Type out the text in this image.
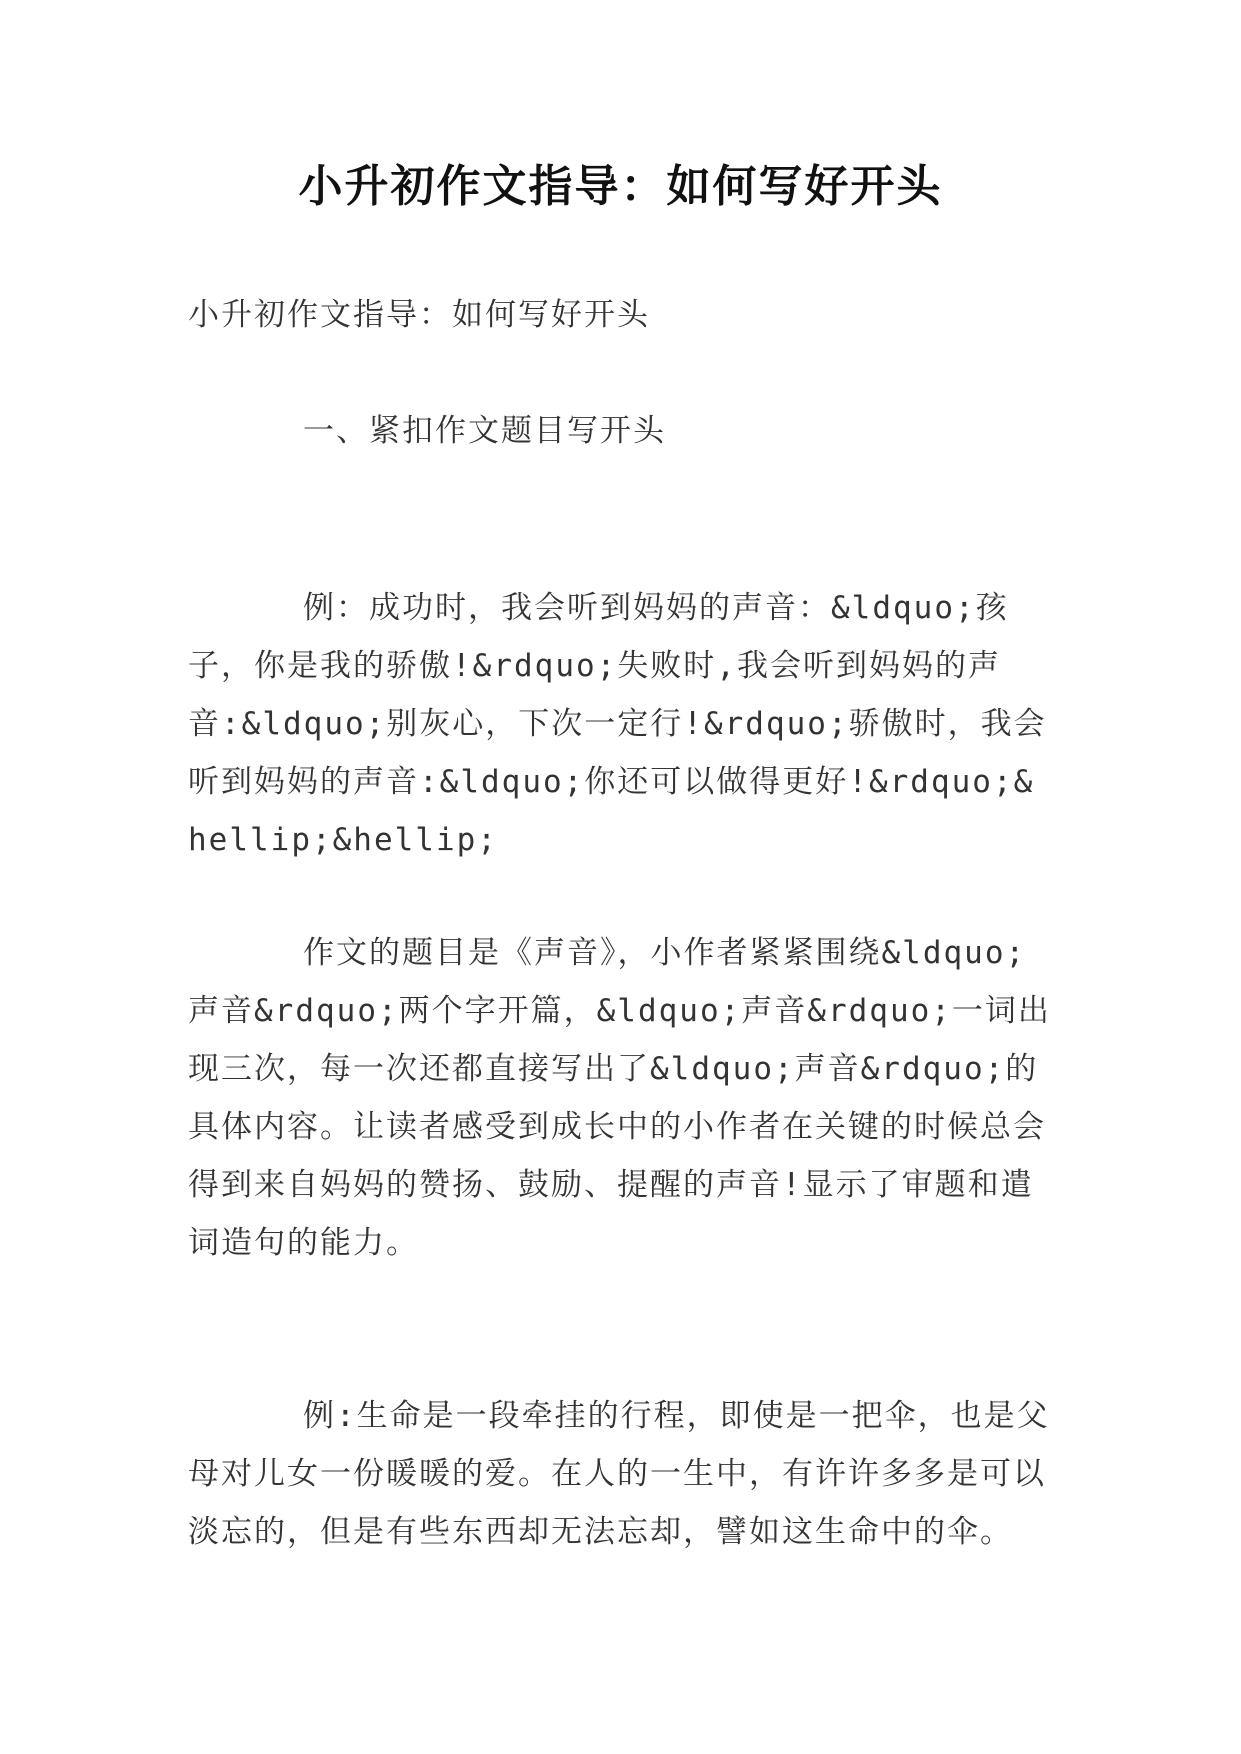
小升初作文指导：如何写好开头
小升初作文指导：如何写好开头
一、紧扣作文题目写开头
例：成功时，我会听到妈妈的声音：&ldquo;孩子，你是我的骄傲!&rdquo;失败时,我会听到妈妈的声音:&ldquo;别灰心，下次一定行!&rdquo;骄傲时，我会听到妈妈的声音:&ldquo;你还可以做得更好!&rdquo;&hellip;&hellip;
作文的题目是《声音》，小作者紧紧围绕&ldquo;声音&rdquo;两个字开篇，&ldquo;声音&rdquo;一词出现三次，每一次还都直接写出了&ldquo;声音&rdquo;的具体内容。让读者感受到成长中的小作者在关键的时候总会得到来自妈妈的赞扬、鼓励、提醒的声音!显示了审题和遣词造句的能力。
例:生命是一段牵挂的行程，即使是一把伞，也是父母对儿女一份暖暖的爱。在人的一生中，有许许多多是可以淡忘的，但是有些东西却无法忘却，譬如这生命中的伞。
